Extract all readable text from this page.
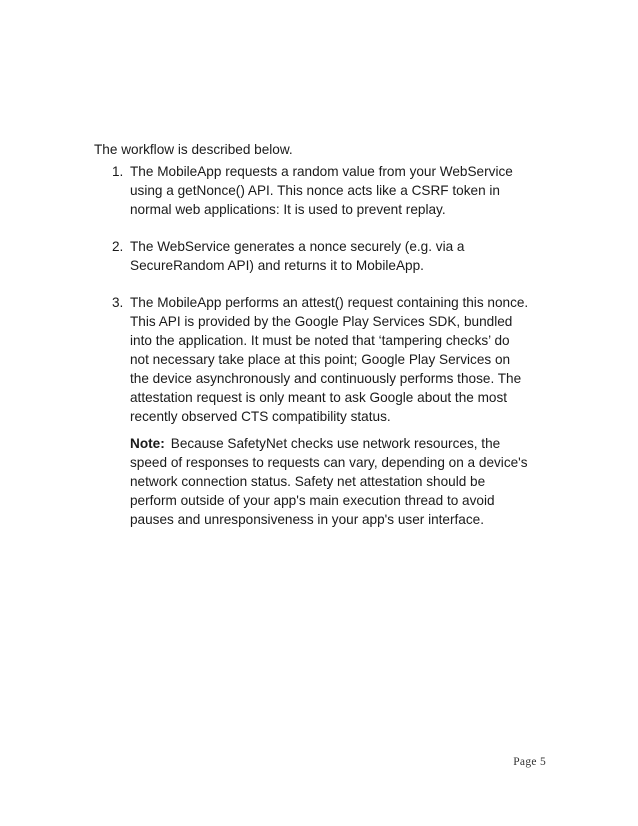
The workflow is described below.
1. The MobileApp requests a random value from your WebService
using a getNonce() API. This nonce acts like a CSRF token in
normal web applications: It is used to prevent replay.
2. The WebService generates a nonce securely (e.g. via a
SecureRandom API) and returns it to MobileApp.
3. The MobileApp performs an attest() request containing this nonce.
This API is provided by the Google Play Services SDK, bundled
into the application. It must be noted that ‘tampering checks’ do
not necessary take place at this point; Google Play Services on
the device asynchronously and continuously performs those. The
attestation request is only meant to ask Google about the most
recently observed CTS compatibility status.
Note: Because SafetyNet checks use network resources, the
speed of responses to requests can vary, depending on a device's
network connection status. Safety net attestation should be
perform outside of your app's main execution thread to avoid
pauses and unresponsiveness in your app's user interface.
Page 5
